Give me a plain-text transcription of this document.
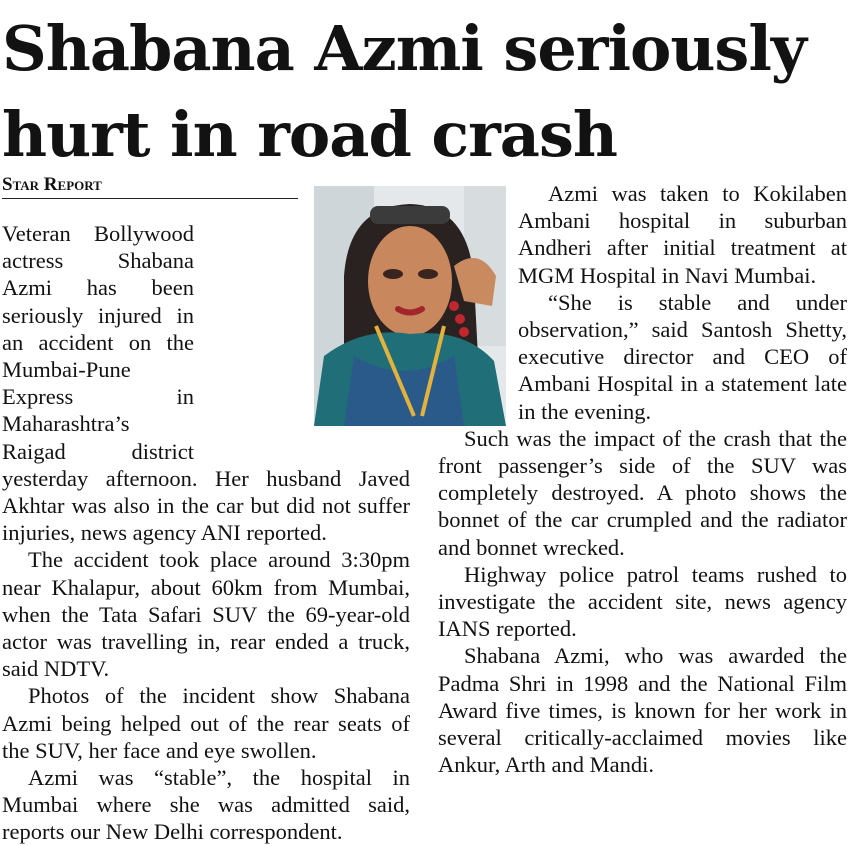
Shabana Azmi seriously hurt in road crash
Star Report

Veteran Bollywood actress Shabana Azmi has been seriously injured in an accident on the Mumbai-Pune Express in Maharashtra’s Raigad district yesterday afternoon. Her husband Javed Akhtar was also in the car but did not suffer injuries, news agency ANI reported.

The accident took place around 3:30pm near Khalapur, about 60km from Mumbai, when the Tata Safari SUV the 69-year-old actor was travelling in, rear ended a truck, said NDTV.

Photos of the incident show Shabana Azmi being helped out of the rear seats of the SUV, her face and eye swollen.

Azmi was “stable”, the hospital in Mumbai where she was admitted said, reports our New Delhi correspondent.

Azmi was taken to Kokilaben Ambani hospital in suburban Andheri after initial treatment at MGM Hospital in Navi Mumbai.

“She is stable and under observation,” said Santosh Shetty, executive director and CEO of Ambani Hospital in a statement late in the evening.

Such was the impact of the crash that the front passenger’s side of the SUV was completely destroyed. A photo shows the bonnet of the car crumpled and the radiator and bonnet wrecked.

Highway police patrol teams rushed to investigate the accident site, news agency IANS reported.

Shabana Azmi, who was awarded the Padma Shri in 1998 and the National Film Award five times, is known for her work in several critically-acclaimed movies like Ankur, Arth and Mandi.
